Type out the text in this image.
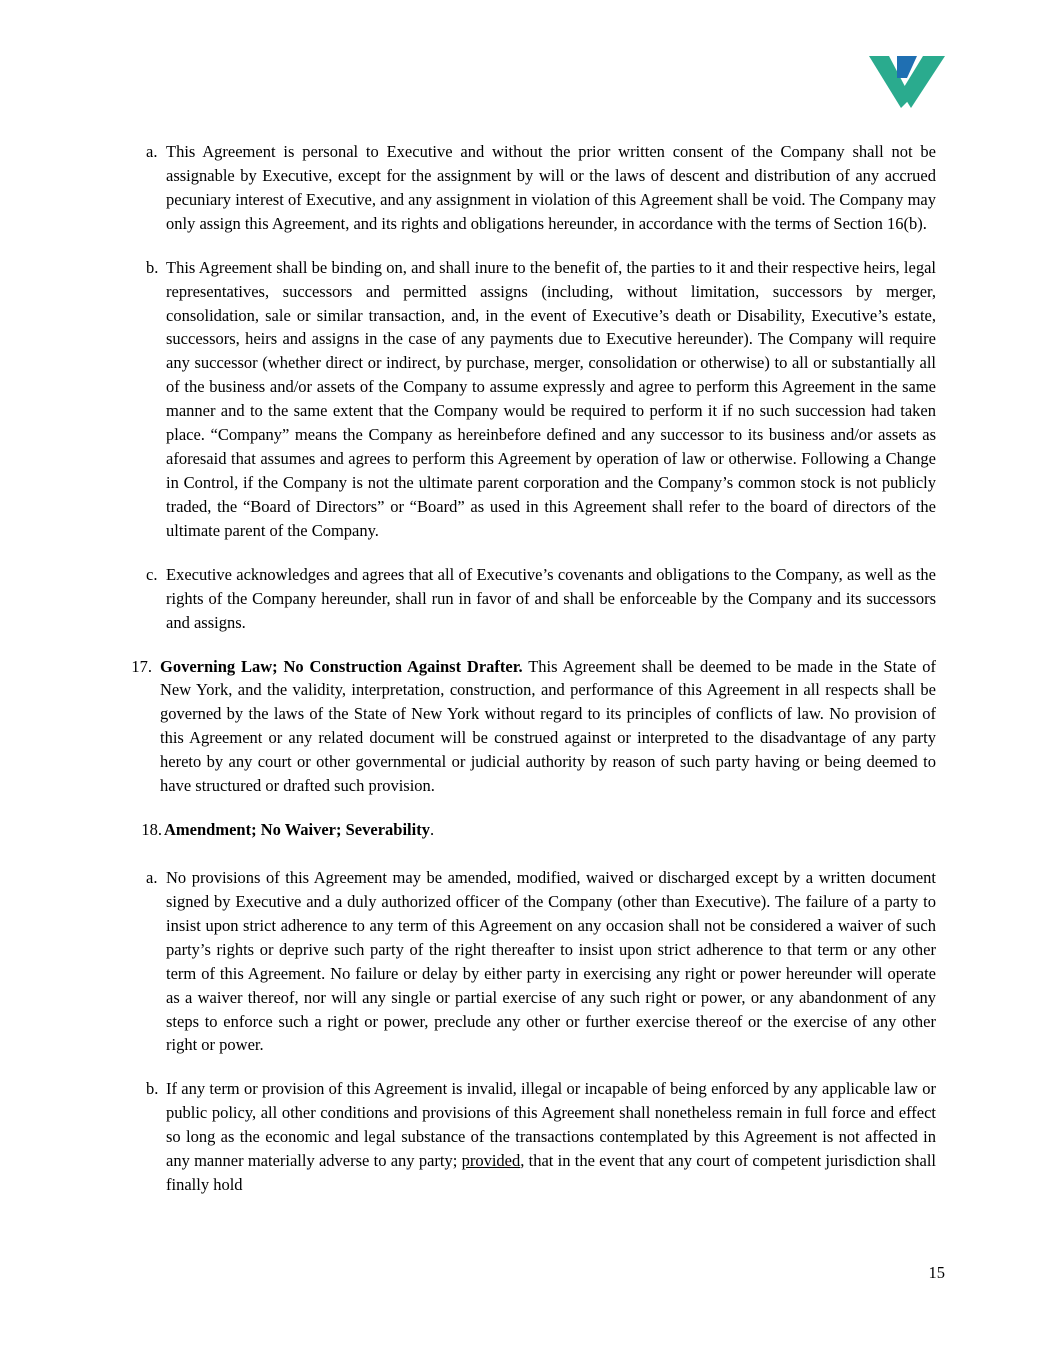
a. This Agreement is personal to Executive and without the prior written consent of the Company shall not be assignable by Executive, except for the assignment by will or the laws of descent and distribution of any accrued pecuniary interest of Executive, and any assignment in violation of this Agreement shall be void. The Company may only assign this Agreement, and its rights and obligations hereunder, in accordance with the terms of Section 16(b).

b. This Agreement shall be binding on, and shall inure to the benefit of, the parties to it and their respective heirs, legal representatives, successors and permitted assigns (including, without limitation, successors by merger, consolidation, sale or similar transaction, and, in the event of Executive’s death or Disability, Executive’s estate, successors, heirs and assigns in the case of any payments due to Executive hereunder). The Company will require any successor (whether direct or indirect, by purchase, merger, consolidation or otherwise) to all or substantially all of the business and/or assets of the Company to assume expressly and agree to perform this Agreement in the same manner and to the same extent that the Company would be required to perform it if no such succession had taken place. “Company” means the Company as hereinbefore defined and any successor to its business and/or assets as aforesaid that assumes and agrees to perform this Agreement by operation of law or otherwise. Following a Change in Control, if the Company is not the ultimate parent corporation and the Company’s common stock is not publicly traded, the “Board of Directors” or “Board” as used in this Agreement shall refer to the board of directors of the ultimate parent of the Company.

c. Executive acknowledges and agrees that all of Executive’s covenants and obligations to the Company, as well as the rights of the Company hereunder, shall run in favor of and shall be enforceable by the Company and its successors and assigns.

17. Governing Law; No Construction Against Drafter. This Agreement shall be deemed to be made in the State of New York, and the validity, interpretation, construction, and performance of this Agreement in all respects shall be governed by the laws of the State of New York without regard to its principles of conflicts of law. No provision of this Agreement or any related document will be construed against or interpreted to the disadvantage of any party hereto by any court or other governmental or judicial authority by reason of such party having or being deemed to have structured or drafted such provision.

18. Amendment; No Waiver; Severability.

a. No provisions of this Agreement may be amended, modified, waived or discharged except by a written document signed by Executive and a duly authorized officer of the Company (other than Executive). The failure of a party to insist upon strict adherence to any term of this Agreement on any occasion shall not be considered a waiver of such party’s rights or deprive such party of the right thereafter to insist upon strict adherence to that term or any other term of this Agreement. No failure or delay by either party in exercising any right or power hereunder will operate as a waiver thereof, nor will any single or partial exercise of any such right or power, or any abandonment of any steps to enforce such a right or power, preclude any other or further exercise thereof or the exercise of any other right or power.

b. If any term or provision of this Agreement is invalid, illegal or incapable of being enforced by any applicable law or public policy, all other conditions and provisions of this Agreement shall nonetheless remain in full force and effect so long as the economic and legal substance of the transactions contemplated by this Agreement is not affected in any manner materially adverse to any party; provided, that in the event that any court of competent jurisdiction shall finally hold

15
